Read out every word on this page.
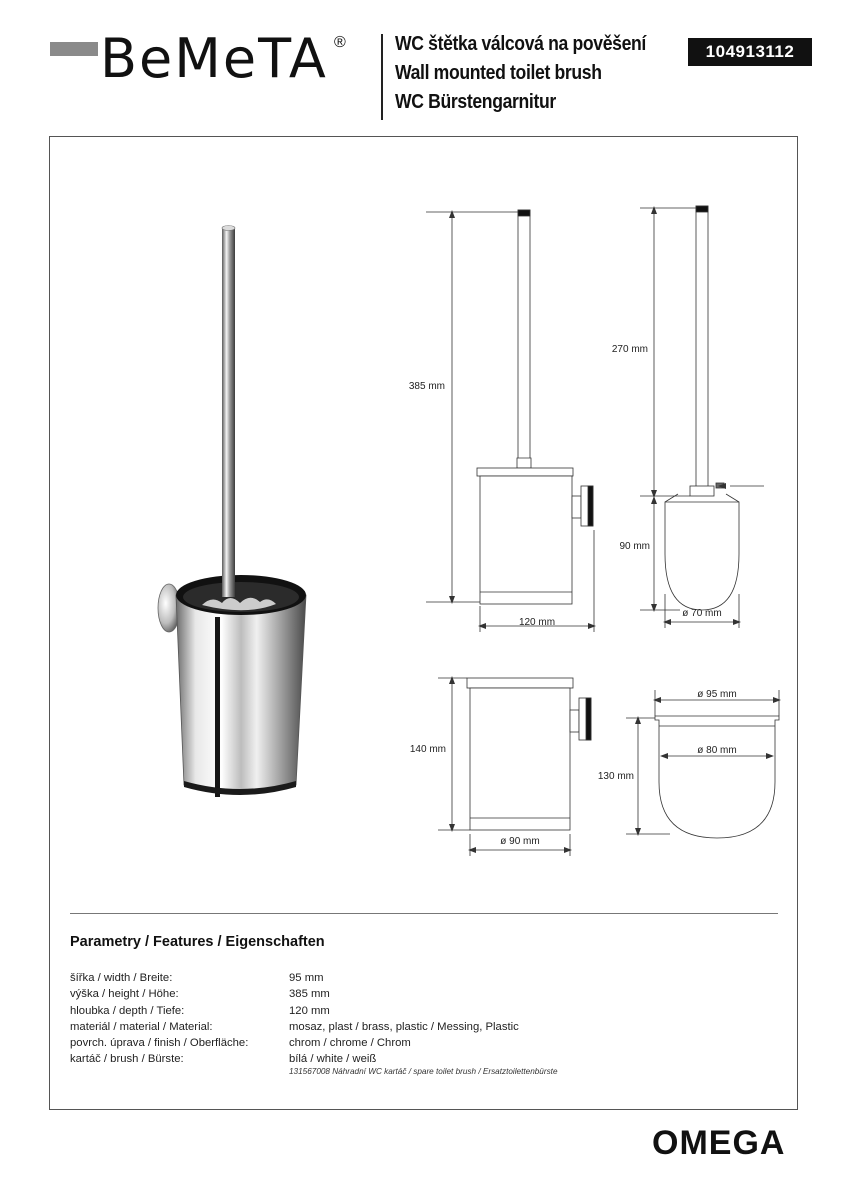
BeMeTA ® WC štětka válcová na pověšení
Wall mounted toilet brush
WC Bürstengarnitur
104913112
385 mm
270 mm
90 mm
120 mm
ø 70 mm
140 mm
ø 90 mm
ø 95 mm
ø 80 mm
130 mm
Parametry / Features / Eigenschaften
šířka / width / Breite:	95 mm
výška / height / Höhe:	385 mm
hloubka / depth / Tiefe:	120 mm
materiál / material / Material:	mosaz, plast / brass, plastic / Messing, Plastic
povrch. úprava / finish / Oberfläche:	chrom / chrome / Chrom
kartáč / brush / Bürste:	bílá / white / weiß
131567008 Náhradní WC kartáč / spare toilet brush / Ersatztoilettenbürste
OMEGA
